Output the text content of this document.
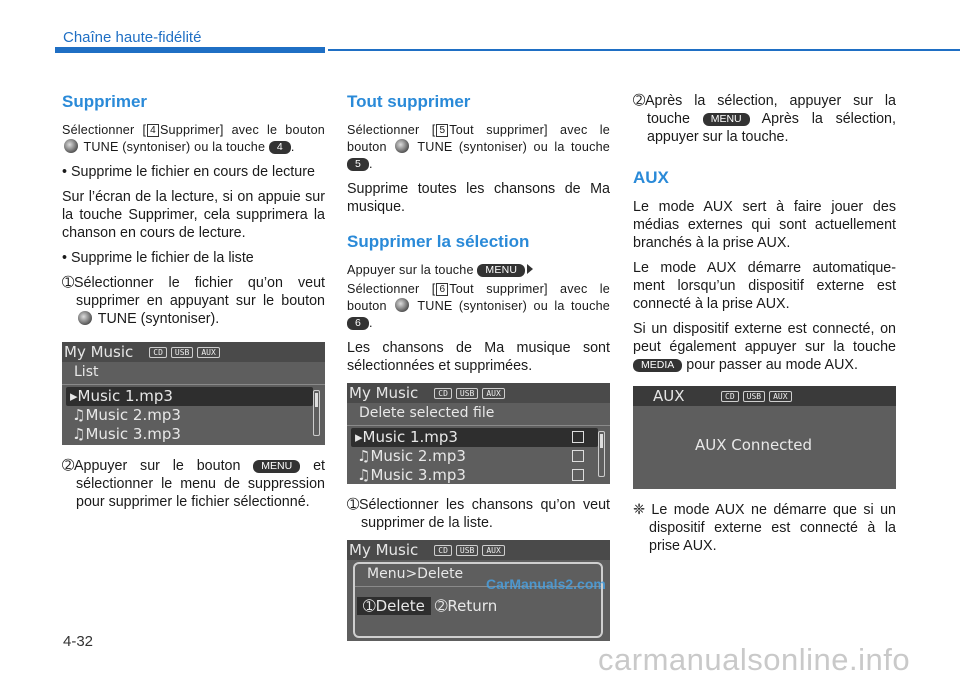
Chaîne haute-fidélité
Supprimer

Sélectionner [ 4 Supprimer] avec le bouton  TUNE (syntoniser) ou la touche 4 .

• Supprime le fichier en cours de lecture

Sur l’écran de la lecture, si on appuie sur la touche Supprimer, cela supprimera la chanson en cours de lecture.

• Supprime le fichier de la liste

➀Sélectionner le fichier qu’on veut supprimer en appuyant sur le bouton  TUNE (syntoniser).

My Music	CD	USB	AUX
List
▸Music 1.mp3
♫Music 2.mp3
♫Music 3.mp3

➁Appuyer sur le bouton MENU et sélectionner le menu de suppression pour supprimer le fichier sélectionné.

Tout supprimer

Sélectionner [ 5 Tout supprimer] avec le bouton TUNE (syntoniser) ou la touche 5 .

Supprime toutes les chansons de Ma musique.

Supprimer la sélection

Appuyer sur la touche MENU

Sélectionner [ 6 Tout supprimer] avec le bouton TUNE (syntoniser) ou la touche 6 .

Les chansons de Ma musique sont sélectionnées et supprimées.

My Music	CD	USB	AUX
Delete selected file
▸Music 1.mp3
♫Music 2.mp3
♫Music 3.mp3

➀Sélectionner les chansons qu’on veut supprimer de la liste.

My Music	CD	USB	AUX
Menu>Delete
➀Delete ➁Return

➁Après la sélection, appuyer sur la touche MENU Après la sélection, appuyer sur la touche.

AUX

Le mode AUX sert à faire jouer des médias externes qui sont actuellement branchés à la prise AUX.

Le mode AUX démarre automatique-ment lorsqu’un dispositif externe est connecté à la prise AUX.

Si un dispositif externe est connecté, on peut également appuyer sur la touche MEDIA pour passer au mode AUX.

AUX	CD	USB	AUX
AUX Connected

❈ Le mode AUX ne démarre que si un dispositif externe est connecté à la prise AUX.

4-32
CarManuals2.com
carmanualsonline.info
